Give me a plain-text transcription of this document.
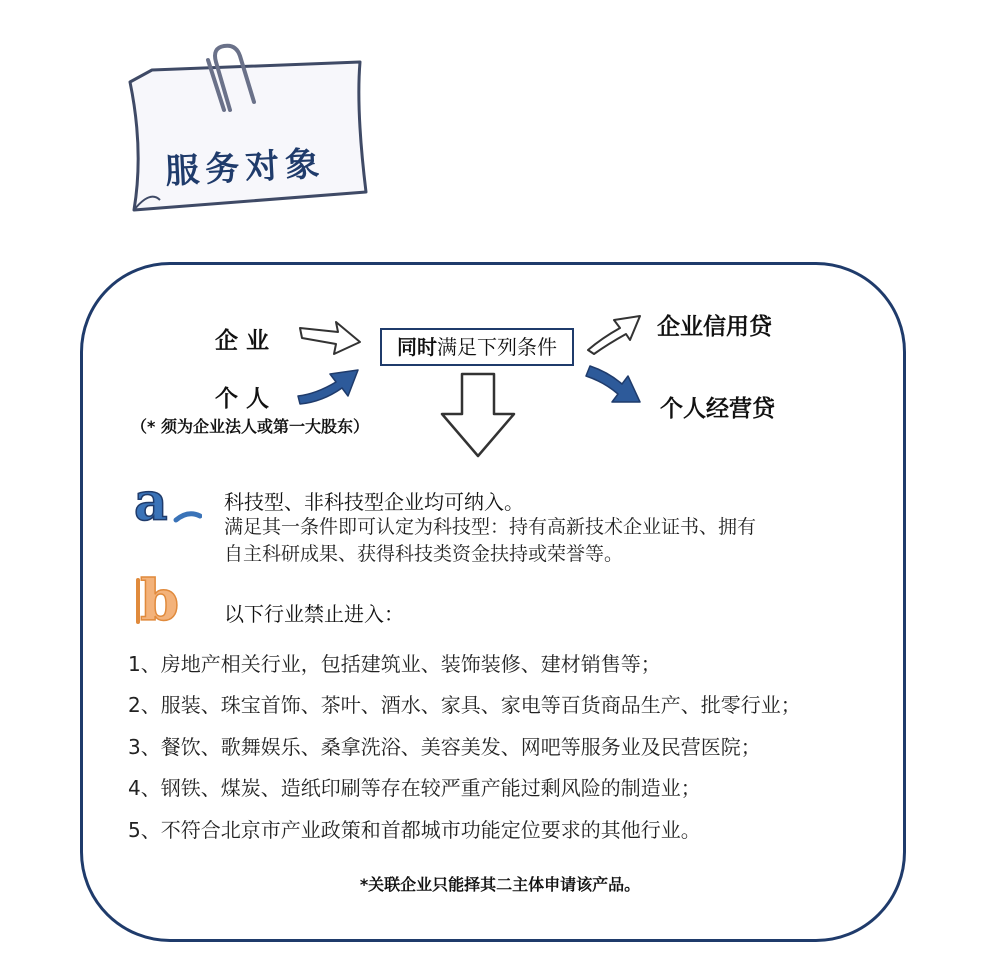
服务对象
企 业
个 人
（* 须为企业法人或第一大股东）
同时满足下列条件
企业信用贷
个人经营贷
a	科技型、非科技型企业均可纳入。
满足其一条件即可认定为科技型：持有高新技术企业证书、拥有
自主科研成果、获得科技类资金扶持或荣誉等。
b 以下行业禁止进入：
1、房地产相关行业，包括建筑业、装饰装修、建材销售等；
2、服装、珠宝首饰、茶叶、酒水、家具、家电等百货商品生产、批零行业；
3、餐饮、歌舞娱乐、桑拿洗浴、美容美发、网吧等服务业及民营医院；
4、钢铁、煤炭、造纸印刷等存在较严重产能过剩风险的制造业；
5、不符合北京市产业政策和首都城市功能定位要求的其他行业。
*关联企业只能择其二主体申请该产品。
